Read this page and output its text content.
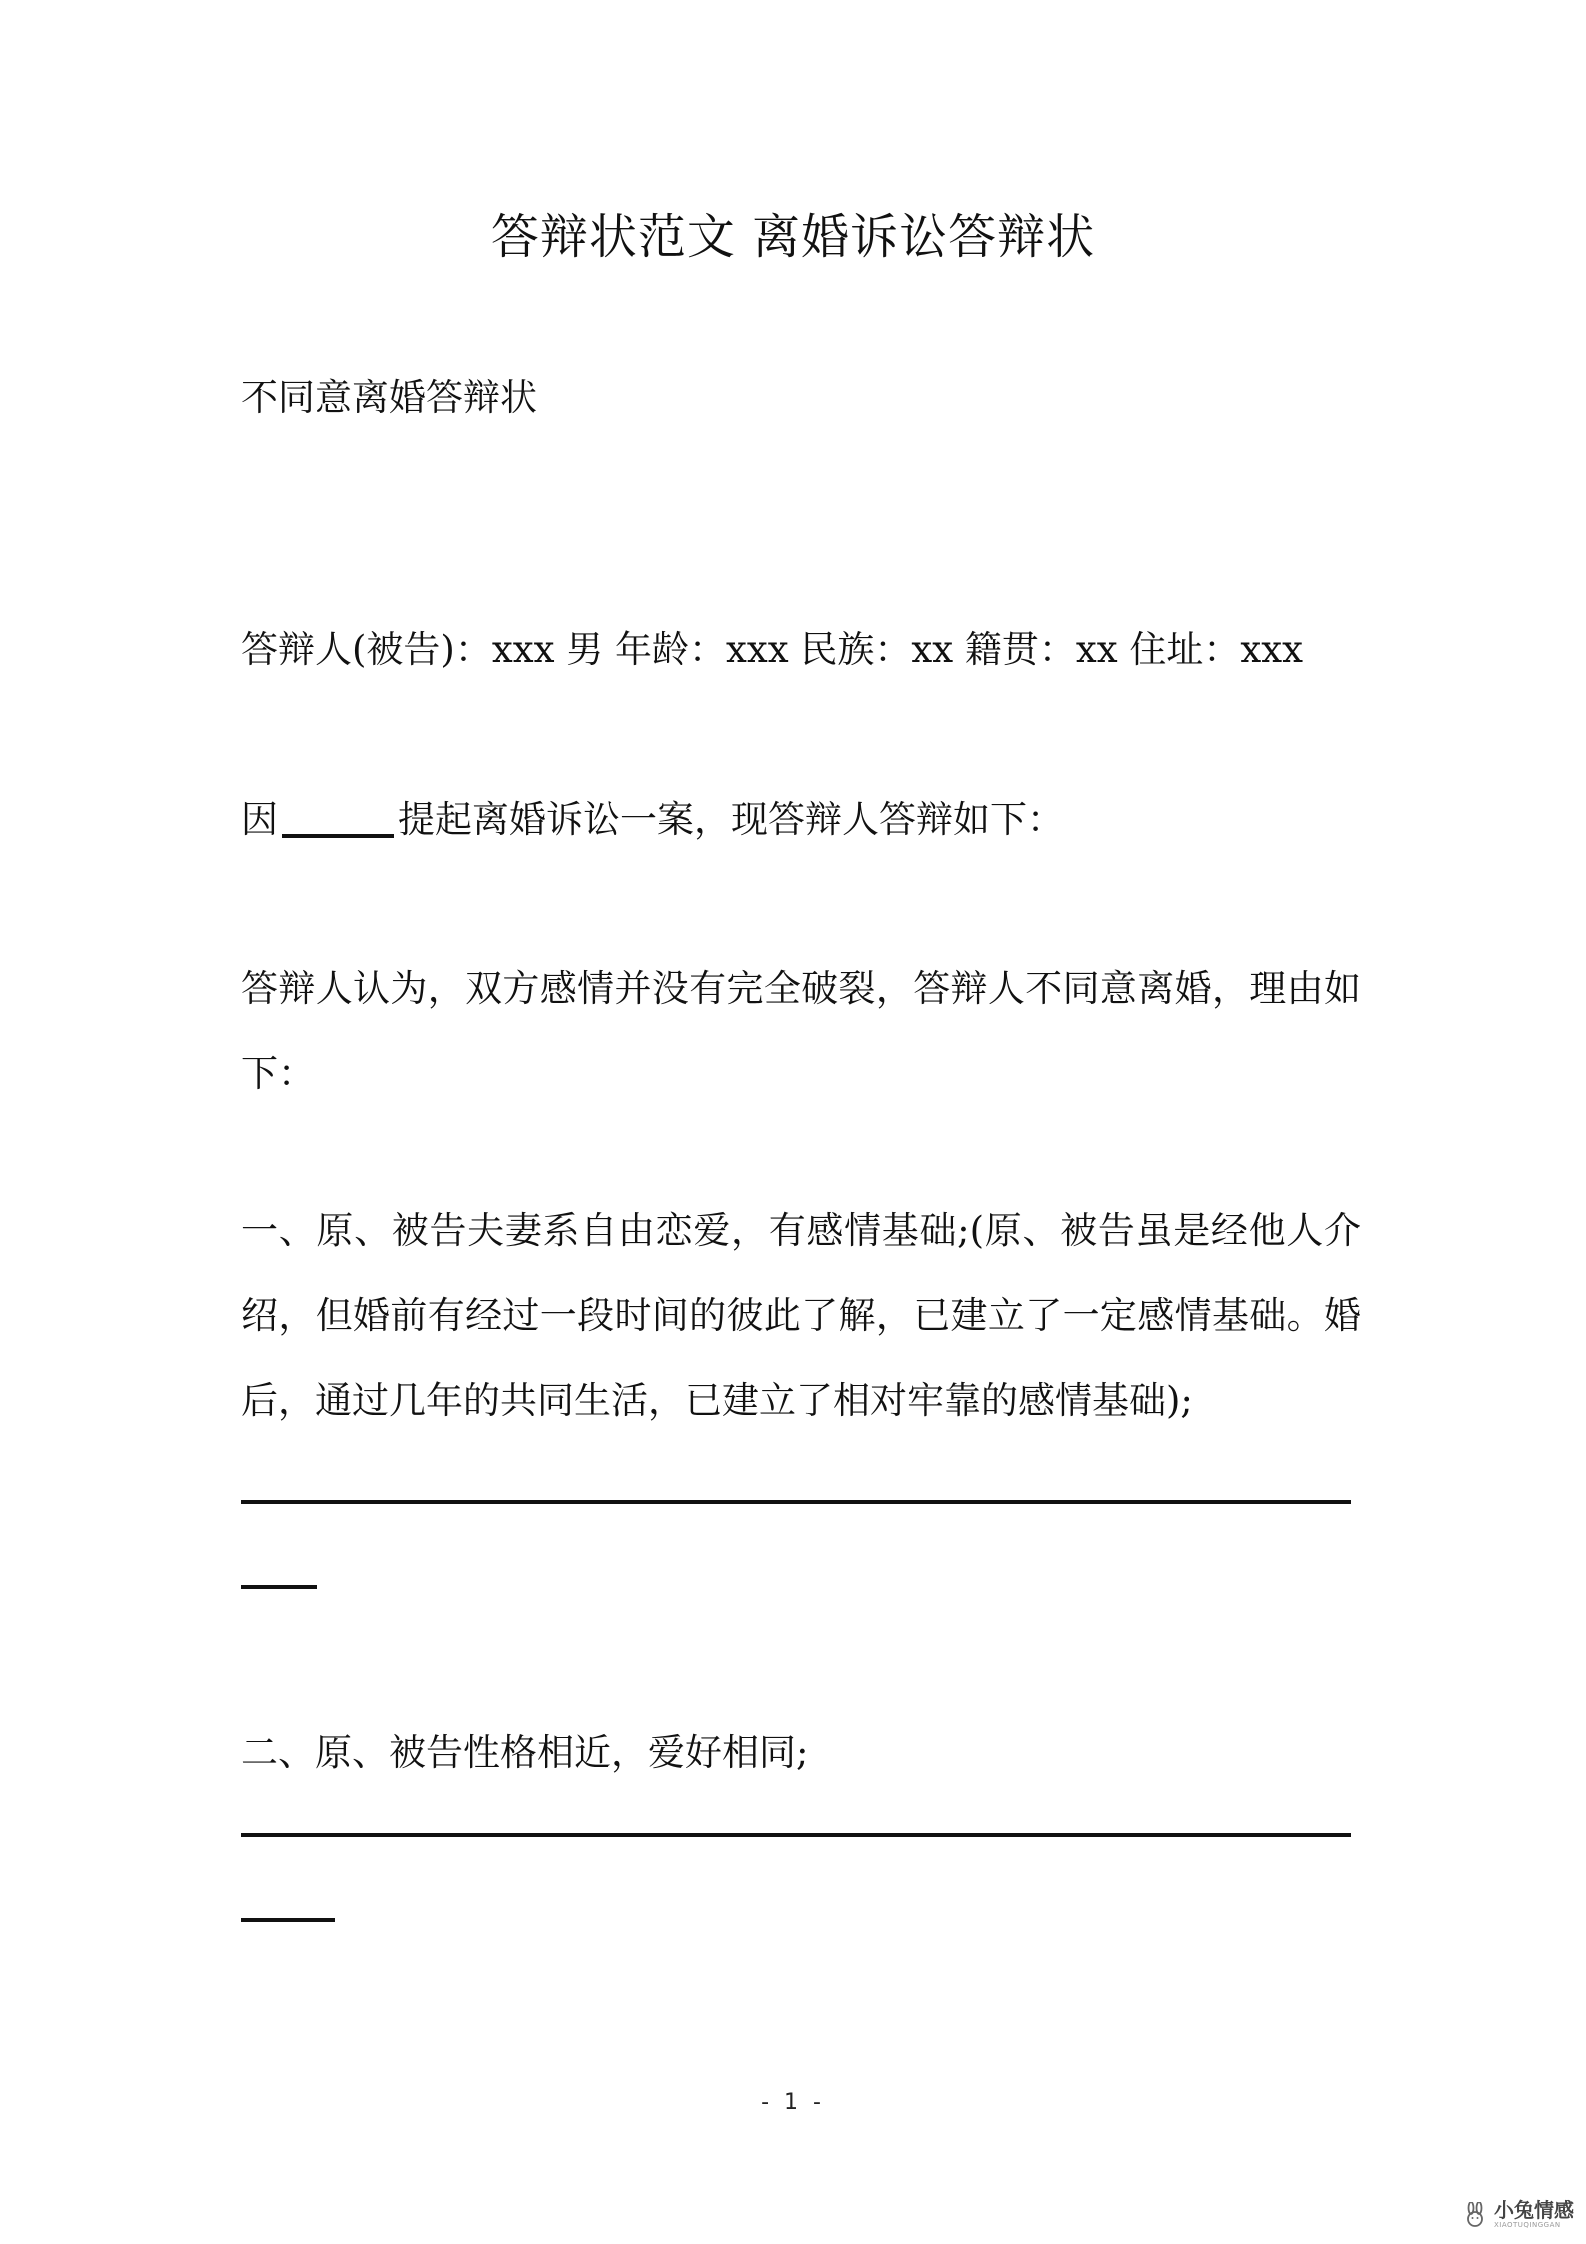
答辩状范文 离婚诉讼答辩状
不同意离婚答辩状
答辩人(被告)：xxx 男 年龄：xxx 民族：xx 籍贯：xx 住址：xxx
因	提起离婚诉讼一案，现答辩人答辩如下：
答辩人认为，双方感情并没有完全破裂，答辩人不同意离婚，理由如下：
一、原、被告夫妻系自由恋爱，有感情基础;(原、被告虽是经他人介绍，但婚前有经过一段时间的彼此了解，已建立了一定感情基础。婚后，通过几年的共同生活，已建立了相对牢靠的感情基础);
二、原、被告性格相近，爱好相同;
- 1 -
小兔情感
XIAOTUQINGGAN
